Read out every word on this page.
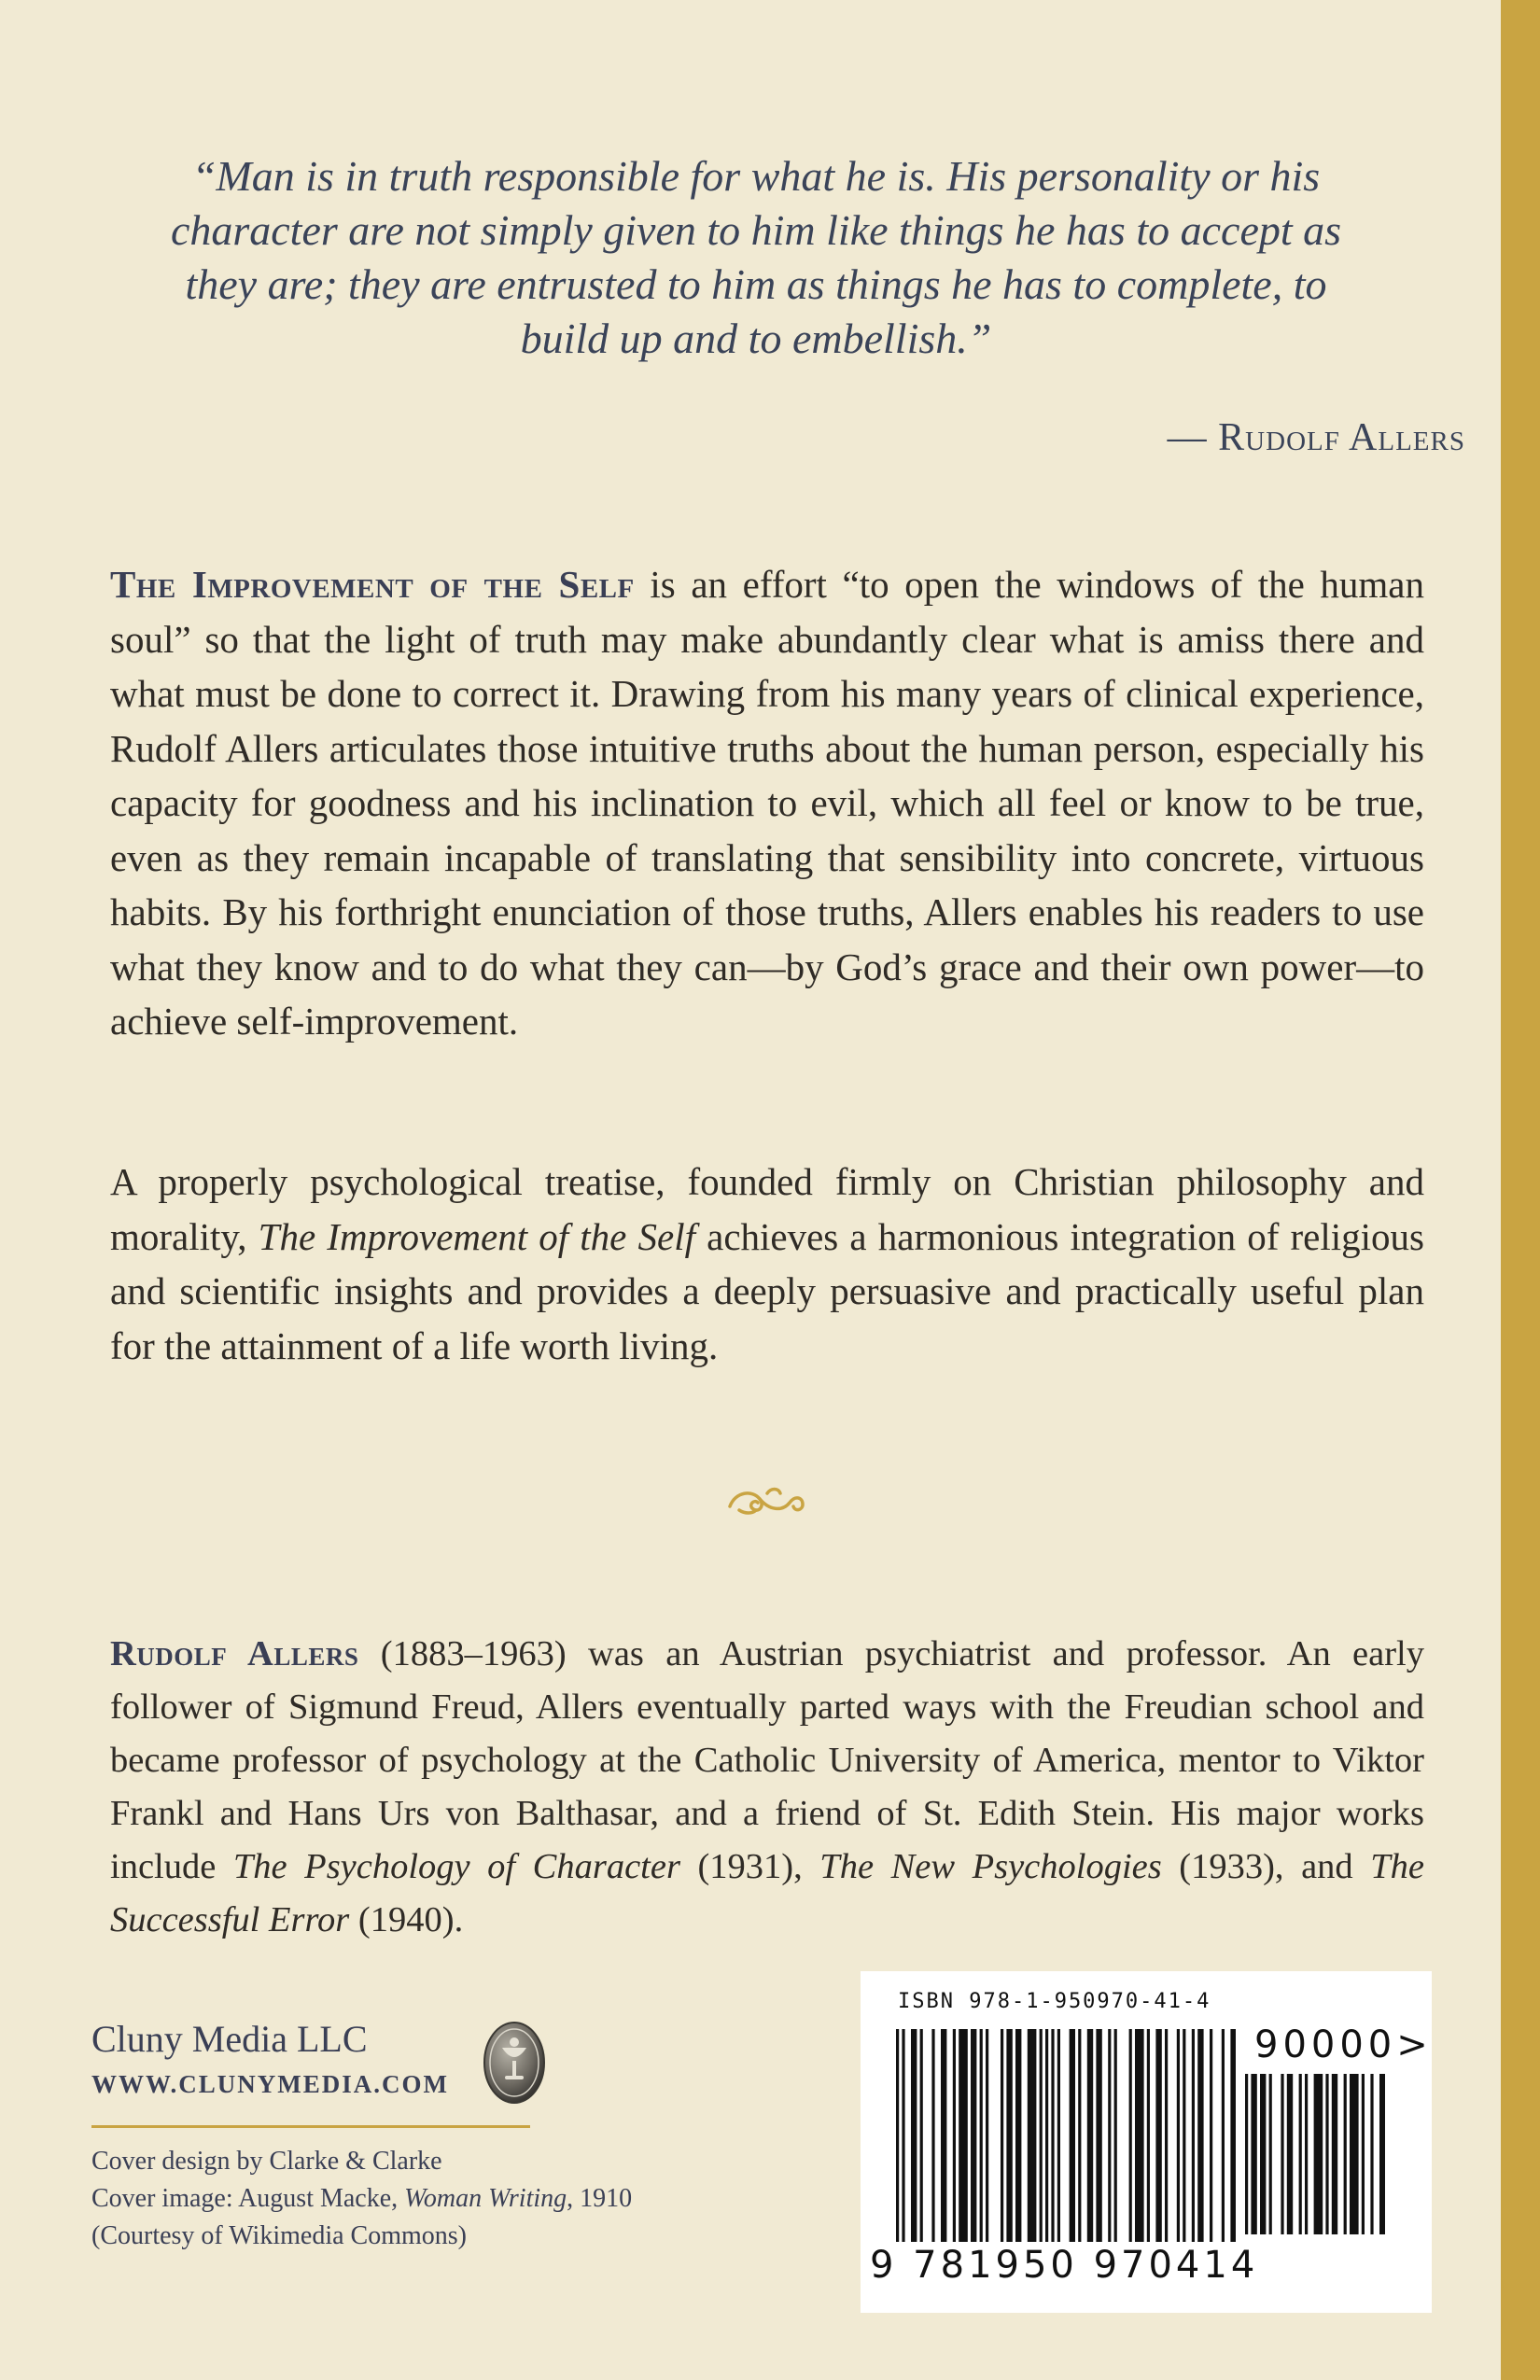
“Man is in truth responsible for what he is. His personality or his character are not simply given to him like things he has to accept as they are; they are entrusted to him as things he has to complete, to build up and to embellish.”
— Rudolf Allers
The Improvement of the Self is an effort “to open the windows of the human soul” so that the light of truth may make abundantly clear what is amiss there and what must be done to correct it. Drawing from his many years of clinical experience, Rudolf Allers articulates those intuitive truths about the human person, especially his capacity for goodness and his inclination to evil, which all feel or know to be true, even as they remain incapable of translating that sensibility into concrete, virtuous habits. By his forthright enunciation of those truths, Allers enables his readers to use what they know and to do what they can—by God’s grace and their own power—to achieve self-improvement.
A properly psychological treatise, founded firmly on Christian philosophy and morality, The Improvement of the Self achieves a harmonious integration of religious and scientific insights and provides a deeply persuasive and practically useful plan for the attainment of a life worth living.
Rudolf Allers (1883–1963) was an Austrian psychiatrist and professor. An early follower of Sigmund Freud, Allers eventually parted ways with the Freudian school and became professor of psychology at the Catholic University of America, mentor to Viktor Frankl and Hans Urs von Balthasar, and a friend of St. Edith Stein. His major works include The Psychology of Character (1931), The New Psychologies (1933), and The Successful Error (1940).
Cluny Media LLC
WWW.CLUNYMEDIA.COM
Cover design by Clarke & Clarke
Cover image: August Macke, Woman Writing, 1910
(Courtesy of Wikimedia Commons)
ISBN 978-1-950970-41-4
90000>
9 781950 970414
